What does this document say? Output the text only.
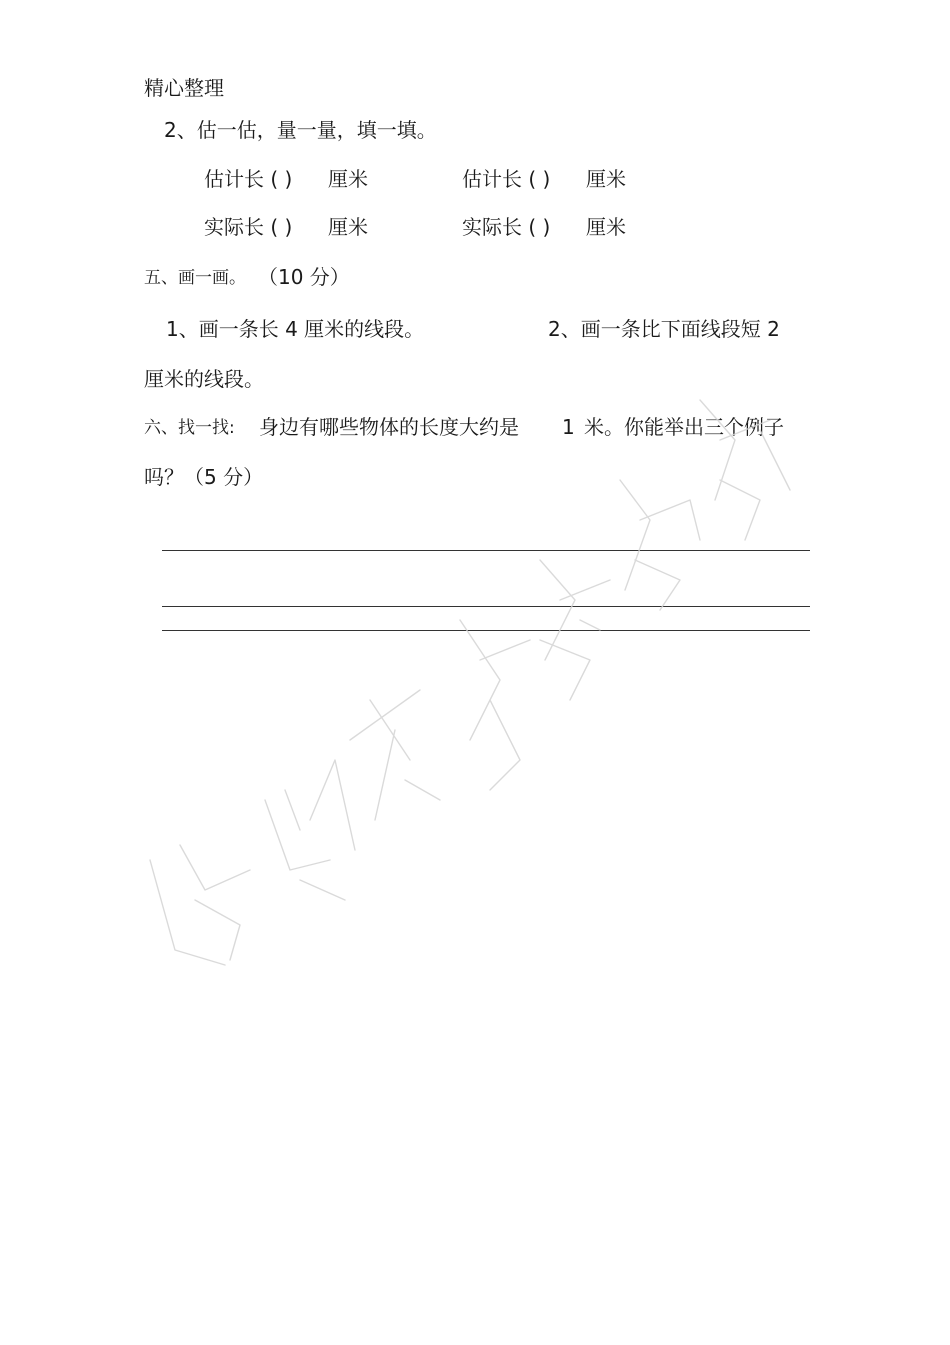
精心整理
2、估一估，量一量，填一填。
估计长 ( ) 厘米	估计长 ( ) 厘米
实际长 ( ) 厘米	实际长 ( ) 厘米
五、画一画。 （10 分）
1、画一条长 4 厘米的线段。	2、画一条比下面线段短 2
厘米的线段。
六、找一找: 身边有哪些物体的长度大约是 1 米。你能举出三个例子
吗？（5 分）
